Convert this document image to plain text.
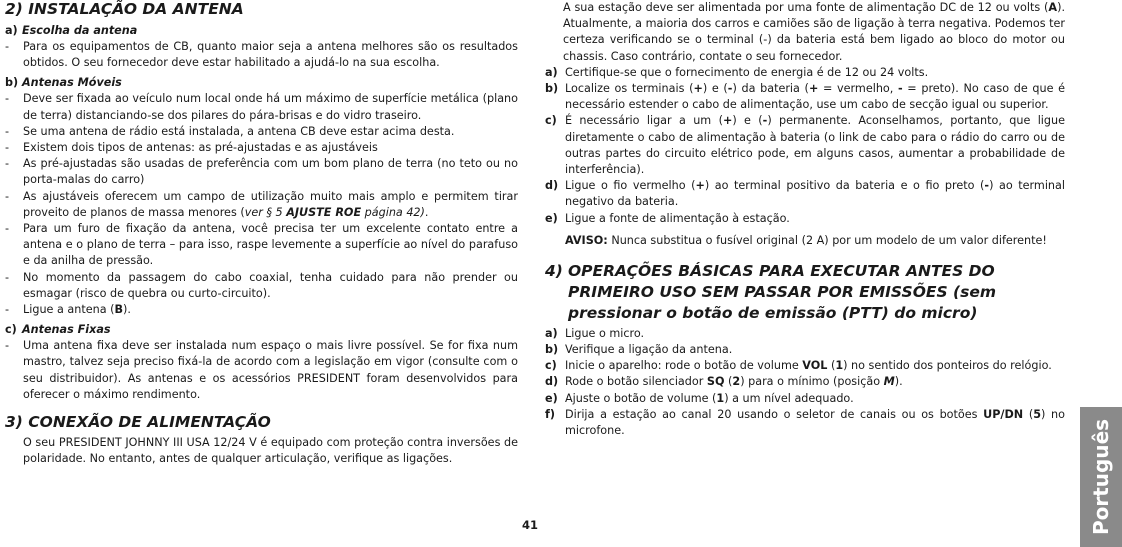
2) INSTALAÇÃO DA ANTENA
a) Escolha da antena
-	Para os equipamentos de CB, quanto maior seja a antena melhores são os resultados obtidos. O seu fornecedor deve estar habilitado a ajudá-lo na sua escolha.
b) Antenas Móveis
-	Deve ser fixada ao veículo num local onde há um máximo de superfície metálica (plano de terra) distanciando-se dos pilares do pára-brisas e do vidro traseiro.
-	Se uma antena de rádio está instalada, a antena CB deve estar acima desta.
-	Existem dois tipos de antenas: as pré-ajustadas e as ajustáveis
-	As pré-ajustadas são usadas de preferência com um bom plano de terra (no teto ou no porta-malas do carro)
-	As ajustáveis oferecem um campo de utilização muito mais amplo e permitem tirar proveito de planos de massa menores (ver § 5 AJUSTE ROE página 42).
-	Para um furo de fixação da antena, você precisa ter um excelente contato entre a antena e o plano de terra – para isso, raspe levemente a superfície ao nível do parafuso e da anilha de pressão.
-	No momento da passagem do cabo coaxial, tenha cuidado para não prender ou esmagar (risco de quebra ou curto-circuito).
-	Ligue a antena (B).
c) Antenas Fixas
-	Uma antena fixa deve ser instalada num espaço o mais livre possível. Se for fixa num mastro, talvez seja preciso fixá-la de acordo com a legislação em vigor (consulte com o seu distribuidor). As antenas e os acessórios PRESIDENT foram desenvolvidos para oferecer o máximo rendimento.
3) CONEXÃO DE ALIMENTAÇÃO
O seu PRESIDENT JOHNNY III USA 12/24 V é equipado com proteção contra inversões de polaridade. No entanto, antes de qualquer articulação, verifique as ligações.
A sua estação deve ser alimentada por uma fonte de alimentação DC de 12 ou volts (A). Atualmente, a maioria dos carros e camiões são de ligação à terra negativa. Podemos ter certeza verificando se o terminal (-) da bateria está bem ligado ao bloco do motor ou chassis. Caso contrário, contate o seu fornecedor.
a) Certifique-se que o fornecimento de energia é de 12 ou 24 volts.
b) Localize os terminais (+) e (-) da bateria (+ = vermelho, - = preto). No caso de que é necessário estender o cabo de alimentação, use um cabo de secção igual ou superior.
c) É necessário ligar a um (+) e (-) permanente. Aconselhamos, portanto, que ligue diretamente o cabo de alimentação à bateria (o link de cabo para o rádio do carro ou de outras partes do circuito elétrico pode, em alguns casos, aumentar a probabilidade de interferência).
d) Ligue o fio vermelho (+) ao terminal positivo da bateria e o fio preto (-) ao terminal negativo da bateria.
e) Ligue a fonte de alimentação à estação.
AVISO: Nunca substitua o fusível original (2 A) por um modelo de um valor diferente!
4) OPERAÇÕES BÁSICAS PARA EXECUTAR ANTES DO PRIMEIRO USO SEM PASSAR POR EMISSÕES (sem pressionar o botão de emissão (PTT) do micro)
a) Ligue o micro.
b) Verifique a ligação da antena.
c) Inicie o aparelho: rode o botão de volume VOL (1) no sentido dos ponteiros do relógio.
d) Rode o botão silenciador SQ (2) para o mínimo (posição M).
e) Ajuste o botão de volume (1) a um nível adequado.
f) Dirija a estação ao canal 20 usando o seletor de canais ou os botões UP/DN (5) no microfone.
41	Português
